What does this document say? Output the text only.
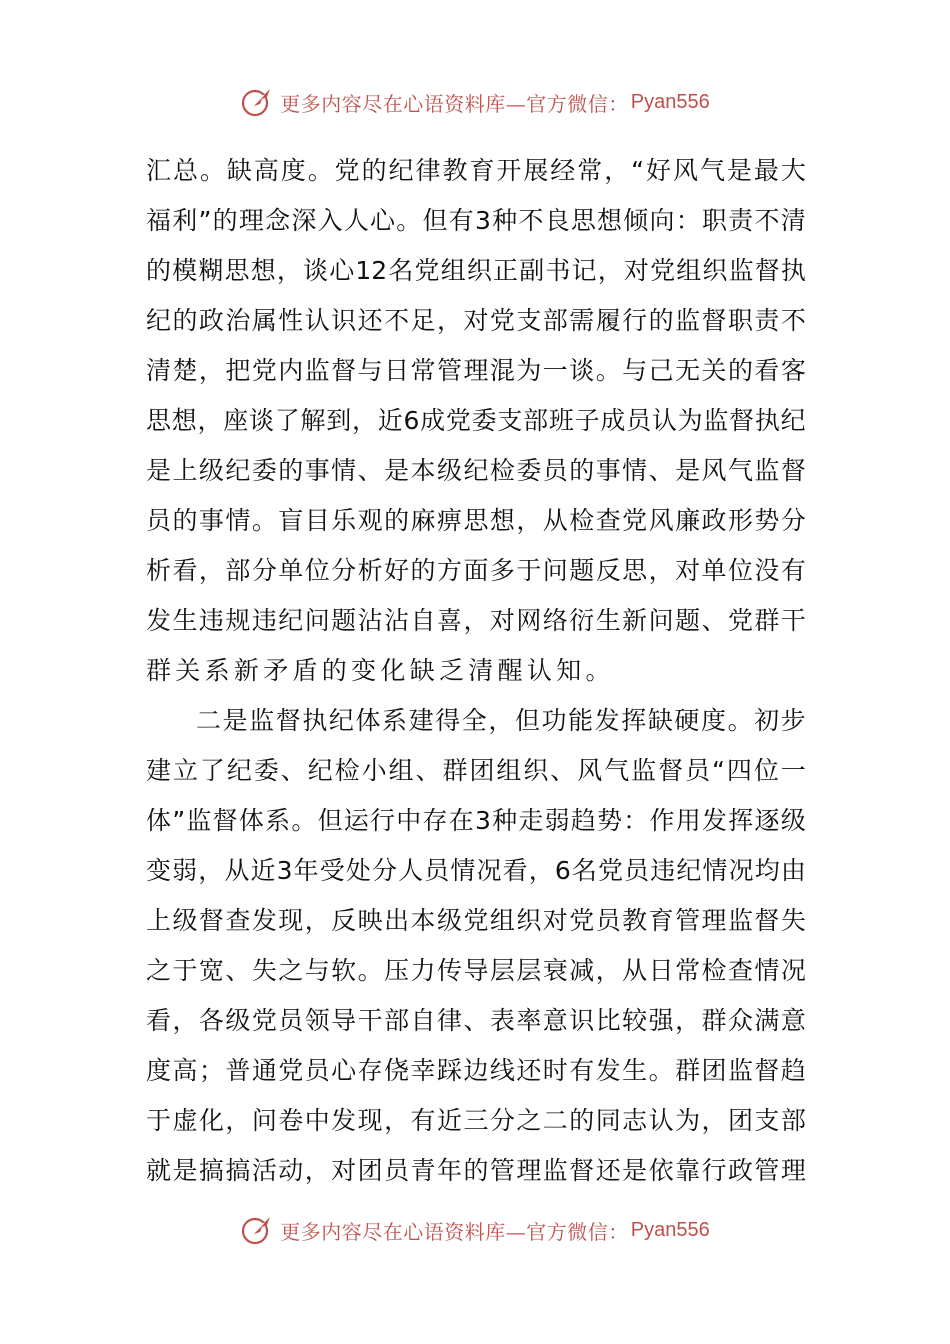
更多内容尽在心语资料库—官方微信： Pyan556
汇 总 。 缺 高 度 。 党 的 纪 律 教 育 开 展 经 常 ， “ 好 风 气 是 最 大
福 利 ” 的 理 念 深 入 人 心 。 但 有 3 种 不 良 思 想 倾 向 ： 职 责 不 清
的 模 糊 思 想 ， 谈 心 12 名 党 组 织 正 副 书 记 ， 对 党 组 织 监 督 执
纪 的 政 治 属 性 认 识 还 不 足 ， 对 党 支 部 需 履 行 的 监 督 职 责 不
清 楚 ， 把 党 内 监 督 与 日 常 管 理 混 为 一 谈 。 与 己 无 关 的 看 客
思 想 ， 座 谈 了 解 到 ， 近 6 成 党 委 支 部 班 子 成 员 认 为 监 督 执 纪
是 上 级 纪 委 的 事 情 、 是 本 级 纪 检 委 员 的 事 情 、 是 风 气 监 督
员 的 事 情 。 盲 目 乐 观 的 麻 痹 思 想 ， 从 检 查 党 风 廉 政 形 势 分
析 看 ， 部 分 单 位 分 析 好 的 方 面 多 于 问 题 反 思 ， 对 单 位 没 有
发 生 违 规 违 纪 问 题 沾 沾 自 喜 ， 对 网 络 衍 生 新 问 题 、 党 群 干
群关系新矛盾的变化缺乏清醒认知。
二 是 监 督 执 纪 体 系 建 得 全 ， 但 功 能 发 挥 缺 硬 度 。 初 步
建 立 了 纪 委 、 纪 检 小 组 、 群 团 组 织 、 风 气 监 督 员 “ 四 位 一
体 ” 监 督 体 系 。 但 运 行 中 存 在 3 种 走 弱 趋 势 ： 作 用 发 挥 逐 级
变 弱 ， 从 近 3 年 受 处 分 人 员 情 况 看 ， 6 名 党 员 违 纪 情 况 均 由
上 级 督 查 发 现 ， 反 映 出 本 级 党 组 织 对 党 员 教 育 管 理 监 督 失
之 于 宽 、 失 之 与 软 。 压 力 传 导 层 层 衰 减 ， 从 日 常 检 查 情 况
看 ， 各 级 党 员 领 导 干 部 自 律 、 表 率 意 识 比 较 强 ， 群 众 满 意
度 高 ； 普 通 党 员 心 存 侥 幸 踩 边 线 还 时 有 发 生 。 群 团 监 督 趋
于 虚 化 ， 问 卷 中 发 现 ， 有 近 三 分 之 二 的 同 志 认 为 ， 团 支 部
就 是 搞 搞 活 动 ， 对 团 员 青 年 的 管 理 监 督 还 是 依 靠 行 政 管 理
更多内容尽在心语资料库—官方微信： Pyan556
